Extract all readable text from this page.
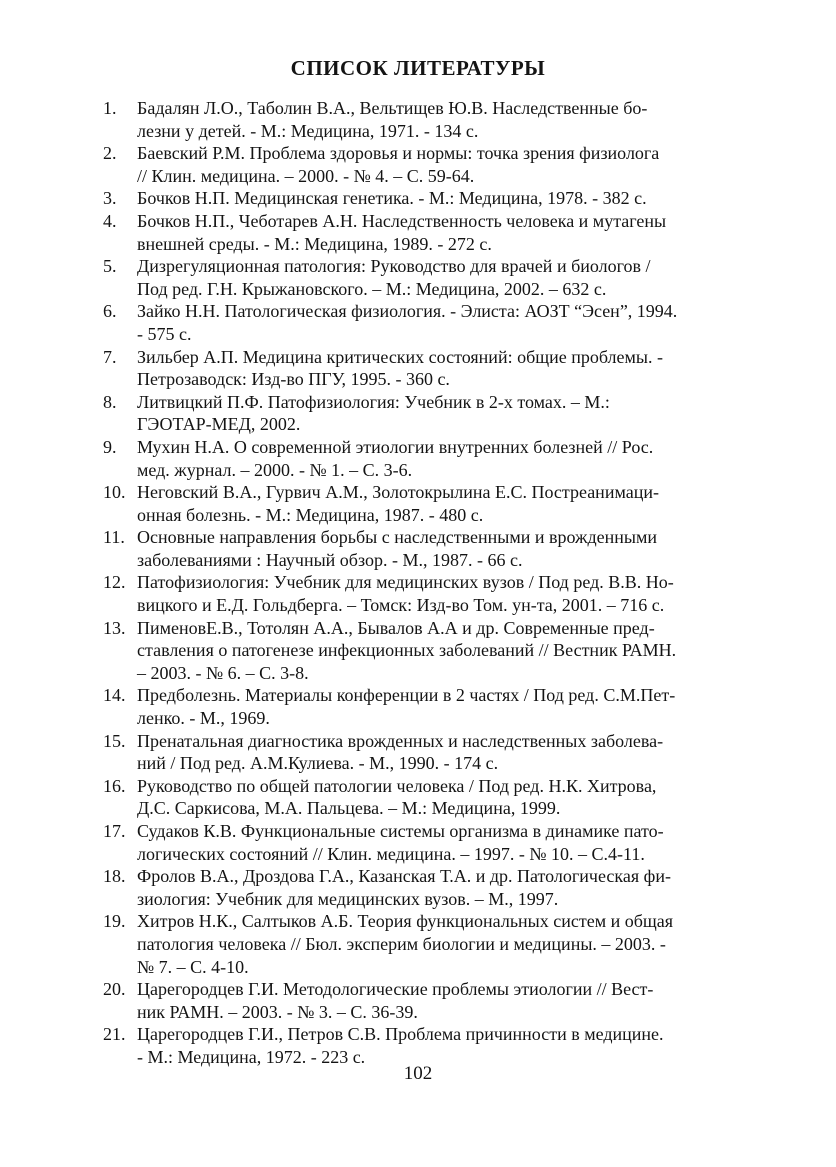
СПИСОК ЛИТЕРАТУРЫ
1. Бадалян Л.О., Таболин В.А., Вельтищев Ю.В. Наследственные бо-
лезни у детей. - М.: Медицина, 1971. - 134 с.
2. Баевский Р.М. Проблема здоровья и нормы: точка зрения физиолога
// Клин. медицина. – 2000. - № 4. – С. 59-64.
3. Бочков Н.П. Медицинская генетика. - М.: Медицина, 1978. - 382 с.
4. Бочков Н.П., Чеботарев А.Н. Наследственность человека и мутагены
внешней среды. - М.: Медицина, 1989. - 272 с.
5. Дизрегуляционная патология: Руководство для врачей и биологов /
Под ред. Г.Н. Крыжановского. – М.: Медицина, 2002. – 632 с.
6. Зайко Н.Н. Патологическая физиология. - Элиста: АОЗТ “Эсен”, 1994.
- 575 с.
7. Зильбер А.П. Медицина критических состояний: общие проблемы. -
Петрозаводск: Изд-во ПГУ, 1995. - 360 с.
8. Литвицкий П.Ф. Патофизиология: Учебник в 2-х томах. – М.:
ГЭОТАР-МЕД, 2002.
9. Мухин Н.А. О современной этиологии внутренних болезней // Рос.
мед. журнал. – 2000. - № 1. – С. 3-6.
10. Неговский В.А., Гурвич А.М., Золотокрылина Е.С. Постреанимаци-
онная болезнь. - М.: Медицина, 1987. - 480 с.
11. Основные направления борьбы с наследственными и врожденными
заболеваниями : Научный обзор. - М., 1987. - 66 с.
12. Патофизиология: Учебник для медицинских вузов / Под ред. В.В. Но-
вицкого и Е.Д. Гольдберга. – Томск: Изд-во Том. ун-та, 2001. – 716 с.
13. ПименовЕ.В., Тотолян А.А., Бывалов А.А и др. Современные пред-
ставления о патогенезе инфекционных заболеваний // Вестник РАМН.
– 2003. - № 6. – С. 3-8.
14. Предболезнь. Материалы конференции в 2 частях / Под ред. С.М.Пет-
ленко. - М., 1969.
15. Пренатальная диагностика врожденных и наследственных заболева-
ний / Под ред. А.М.Кулиева. - М., 1990. - 174 с.
16. Руководство по общей патологии человека / Под ред. Н.К. Хитрова,
Д.С. Саркисова, М.А. Пальцева. – М.: Медицина, 1999.
17. Судаков К.В. Функциональные системы организма в динамике пато-
логических состояний // Клин. медицина. – 1997. - № 10. – С.4-11.
18. Фролов В.А., Дроздова Г.А., Казанская Т.А. и др. Патологическая фи-
зиология: Учебник для медицинских вузов. – М., 1997.
19. Хитров Н.К., Салтыков А.Б. Теория функциональных систем и общая
патология человека // Бюл. эксперим биологии и медицины. – 2003. -
№ 7. – С. 4-10.
20. Царегородцев Г.И. Методологические проблемы этиологии // Вест-
ник РАМН. – 2003. - № 3. – С. 36-39.
21. Царегородцев Г.И., Петров С.В. Проблема причинности в медицине.
- М.: Медицина, 1972. - 223 с.
102
